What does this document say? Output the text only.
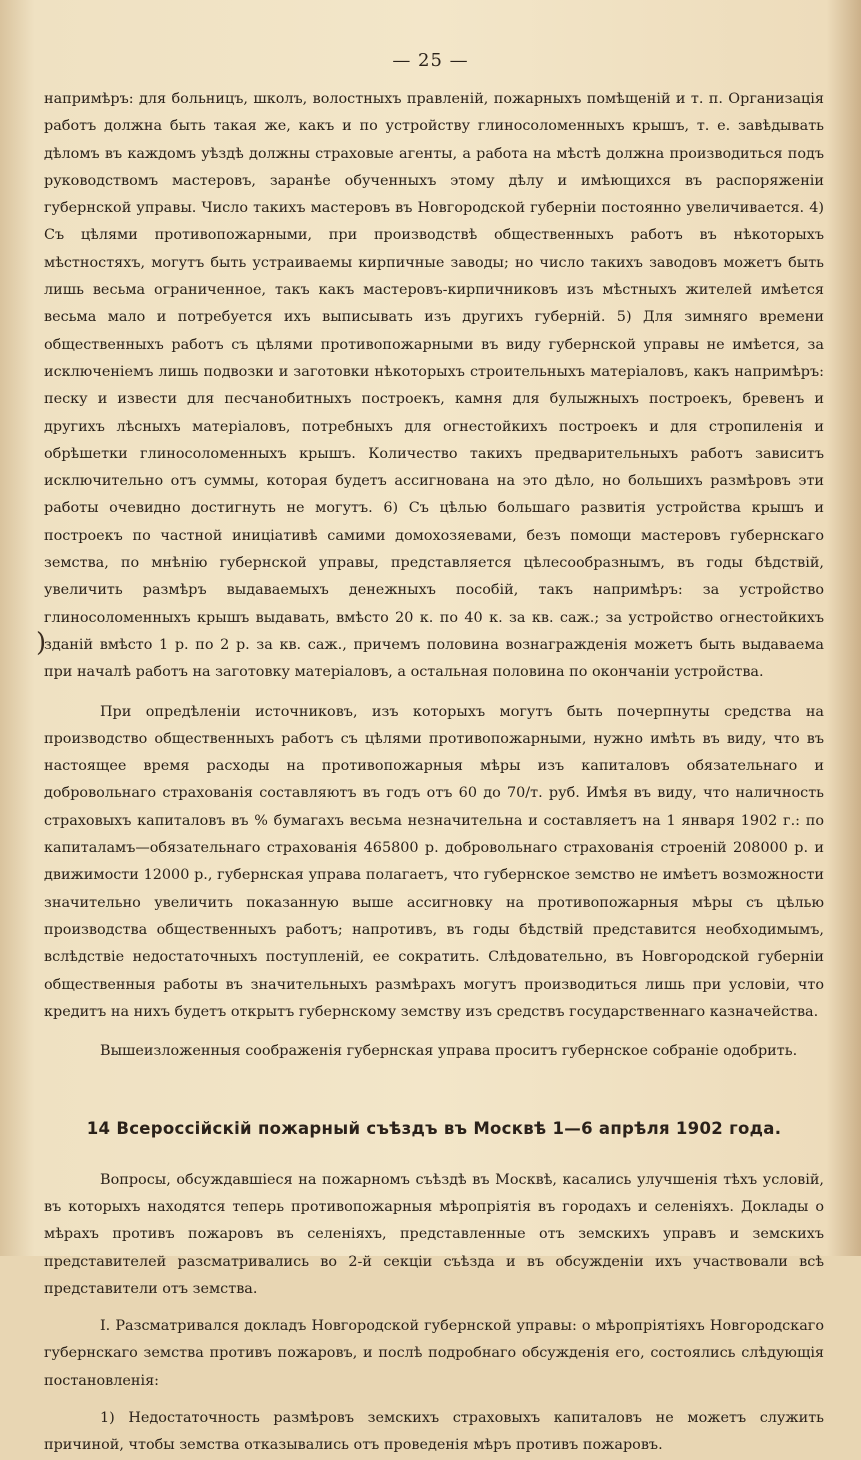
— 25 —
)

напримѣръ: для больницъ, школъ, волостныхъ правленій, пожарныхъ помѣщеній и т. п. Организація работъ должна быть такая же, какъ и по устройству глиносоломенныхъ крышъ, т. е. завѣдывать дѣломъ въ каждомъ уѣздѣ должны страховые агенты, а работа на мѣстѣ должна производиться подъ руководствомъ мастеровъ, заранѣе обученныхъ этому дѣлу и имѣющихся въ распоряженіи губернской управы. Число такихъ мастеровъ въ Новгородской губерніи постоянно увеличивается. 4) Съ цѣлями противопожарными, при производствѣ общественныхъ работъ въ нѣкоторыхъ мѣстностяхъ, могутъ быть устраиваемы кирпичные заводы; но число такихъ заводовъ можетъ быть лишь весьма ограниченное, такъ какъ мастеровъ-кирпичниковъ изъ мѣстныхъ жителей имѣется весьма мало и потребуется ихъ выписывать изъ другихъ губерній. 5) Для зимняго времени общественныхъ работъ съ цѣлями противопожарными въ виду губернской управы не имѣется, за исключеніемъ лишь подвозки и заготовки нѣкоторыхъ строительныхъ матеріаловъ, какъ напримѣръ: песку и извести для песчанобитныхъ построекъ, камня для булыжныхъ построекъ, бревенъ и другихъ лѣсныхъ матеріаловъ, потребныхъ для огнестойкихъ построекъ и для стропиленія и обрѣшетки глиносоломенныхъ крышъ. Количество такихъ предварительныхъ работъ зависитъ исключительно отъ суммы, которая будетъ ассигнована на это дѣло, но большихъ размѣровъ эти работы очевидно достигнуть не могутъ. 6) Съ цѣлью большаго развитія устройства крышъ и построекъ по частной иниціативѣ самими домохозяевами, безъ помощи мастеровъ губернскаго земства, по мнѣнію губернской управы, представляется цѣлесообразнымъ, въ годы бѣдствій, увеличить размѣръ выдаваемыхъ денежныхъ пособій, такъ напримѣръ: за устройство глиносоломенныхъ крышъ выдавать, вмѣсто 20 к. по 40 к. за кв. саж.; за устройство огнестойкихъ зданій вмѣсто 1 р. по 2 р. за кв. саж., причемъ половина вознагражденія можетъ быть выдаваема при началѣ работъ на заготовку матеріаловъ, а остальная половина по окончаніи устройства.

При опредѣленіи источниковъ, изъ которыхъ могутъ быть почерпнуты средства на производство общественныхъ работъ съ цѣлями противопожарными, нужно имѣть въ виду, что въ настоящее время расходы на противопожарныя мѣры изъ капиталовъ обязательнаго и добровольнаго страхованія составляютъ въ годъ отъ 60 до 70/т. руб. Имѣя въ виду, что наличность страховыхъ капиталовъ въ % бумагахъ весьма незначительна и составляетъ на 1 января 1902 г.: по капиталамъ—обязательнаго страхованія 465800 р. добровольнаго страхованія строеній 208000 р. и движимости 12000 р., губернская управа полагаетъ, что губернское земство не имѣетъ возможности значительно увеличить показанную выше ассигновку на противопожарныя мѣры съ цѣлью производства общественныхъ работъ; напротивъ, въ годы бѣдствій представится необходимымъ, вслѣдствіе недостаточныхъ поступленій, ее сократить. Слѣдовательно, въ Новгородской губерніи общественныя работы въ значительныхъ размѣрахъ могутъ производиться лишь при условіи, что кредитъ на нихъ будетъ открытъ губернскому земству изъ средствъ государственнаго казначейства.

Вышеизложенныя соображенія губернская управа проситъ губернское собраніе одобрить.

14 Всероссійскій пожарный съѣздъ въ Москвѣ 1—6 апрѣля 1902 года.

Вопросы, обсуждавшіеся на пожарномъ съѣздѣ въ Москвѣ, касались улучшенія тѣхъ условій, въ которыхъ находятся теперь противопожарныя мѣропріятія въ городахъ и селеніяхъ. Доклады о мѣрахъ противъ пожаровъ въ селеніяхъ, представленные отъ земскихъ управъ и земскихъ представителей разсматривались во 2-й секціи съѣзда и въ обсужденіи ихъ участвовали всѣ представители отъ земства.

I. Разсматривался докладъ Новгородской губернской управы: о мѣропріятіяхъ Новгородскаго губернскаго земства противъ пожаровъ, и послѣ подробнаго обсужденія его, состоялись слѣдующія постановленія:

1) Недостаточность размѣровъ земскихъ страховыхъ капиталовъ не можетъ служить причиной, чтобы земства отказывались отъ проведенія мѣръ противъ пожаровъ.
